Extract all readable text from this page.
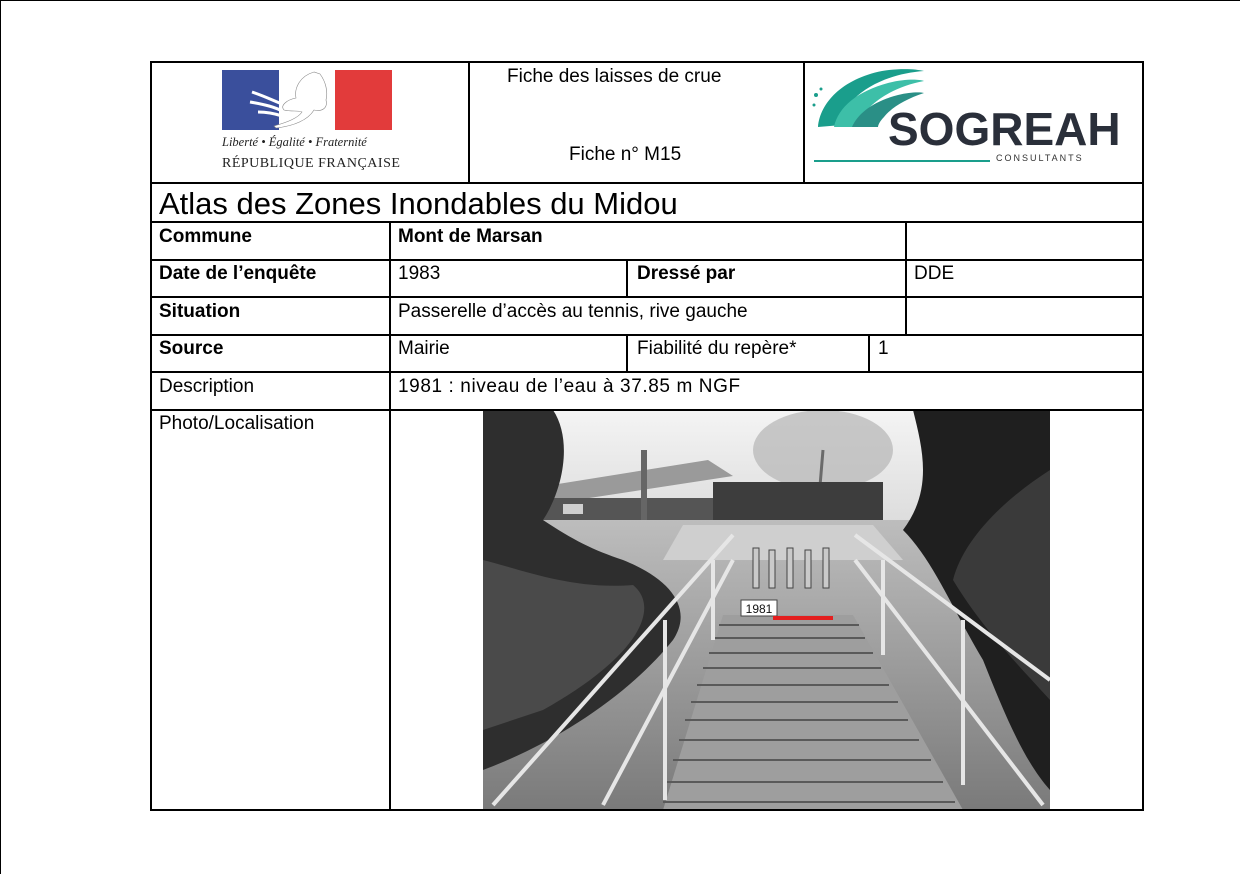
Liberté • Égalité • Fraternité
RÉPUBLIQUE FRANÇAISE
Fiche des laisses de crue
Fiche n° M15	SOGREAH
CONSULTANTS
Atlas des Zones Inondables du Midou
Commune	Mont de Marsan
Date de l’enquête	1983	Dressé par	DDE
Situation	Passerelle d’accès au tennis, rive gauche
Source	Mairie	Fiabilité du repère*	1
Description	1981 : niveau de l’eau à 37.85 m NGF
Photo/Localisation
1981
